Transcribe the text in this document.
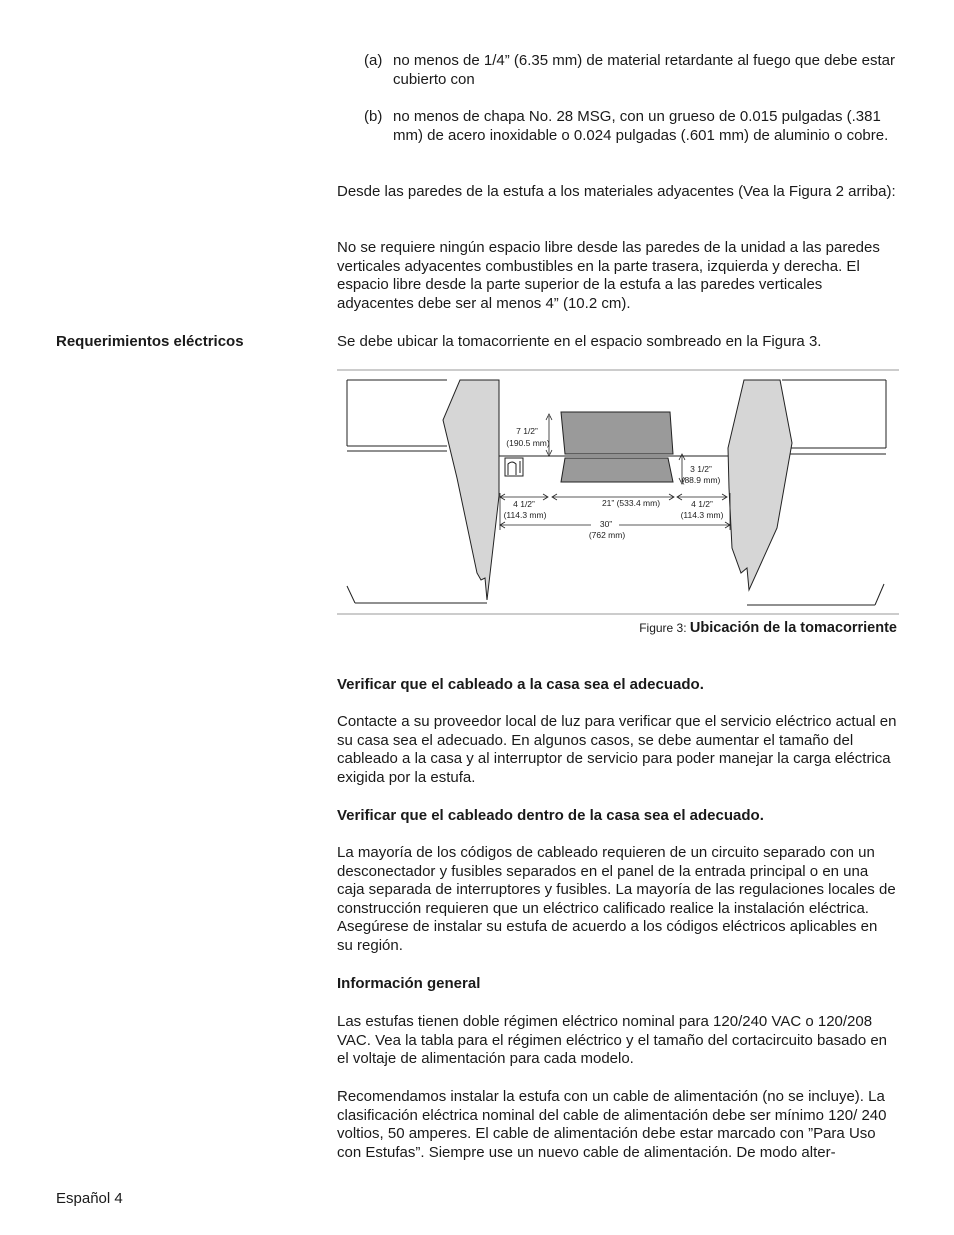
(a) no menos de 1/4” (6.35 mm) de material retardante al fuego que debe estar cubierto con

(b) no menos de chapa No. 28 MSG, con un grueso de 0.015 pulgadas (.381 mm) de acero inoxidable o 0.024 pulgadas (.601 mm) de aluminio o cobre.

Desde las paredes de la estufa a los materiales adyacentes (Vea la Figura 2 arriba):

No se requiere ningún espacio libre desde las paredes de la unidad a las paredes verticales adyacentes combustibles en la parte trasera, izquierda y derecha. El espacio libre desde la parte superior de la estufa a las paredes verticales adyacentes debe ser al menos 4” (10.2 cm).

Requerimientos eléctricos	Se debe ubicar la tomacorriente en el espacio sombreado en la Figura 3.

7 1/2”
(190.5 mm)
3 1/2”
(88.9 mm)
4 1/2”
(114.3 mm)
21” (533.4 mm)	4 1/2”
(114.3 mm)
30”
(762 mm)

Figure 3: Ubicación de la tomacorriente

Verificar que el cableado a la casa sea el adecuado.

Contacte a su proveedor local de luz para verificar que el servicio eléctrico actual en su casa sea el adecuado. En algunos casos, se debe aumentar el tamaño del cableado a la casa y al interruptor de servicio para poder manejar la carga eléctrica exigida por la estufa.

Verificar que el cableado dentro de la casa sea el adecuado.

La mayoría de los códigos de cableado requieren de un circuito separado con un desconectador y fusibles separados en el panel de la entrada principal o en una caja separada de interruptores y fusibles. La mayoría de las regulaciones locales de construcción requieren que un eléctrico calificado realice la instalación eléctrica. Asegúrese de instalar su estufa de acuerdo a los códigos eléctricos aplicables en su región.

Información general

Las estufas tienen doble régimen eléctrico nominal para 120/240 VAC o 120/208 VAC. Vea la tabla para el régimen eléctrico y el tamaño del cortacircuito basado en el voltaje de alimentación para cada modelo.

Recomendamos instalar la estufa con un cable de alimentación (no se incluye). La clasificación eléctrica nominal del cable de alimentación debe ser mínimo 120/ 240 voltios, 50 amperes. El cable de alimentación debe estar marcado con ”Para Uso con Estufas”. Siempre use un nuevo cable de alimentación. De modo alter-

Español 4
